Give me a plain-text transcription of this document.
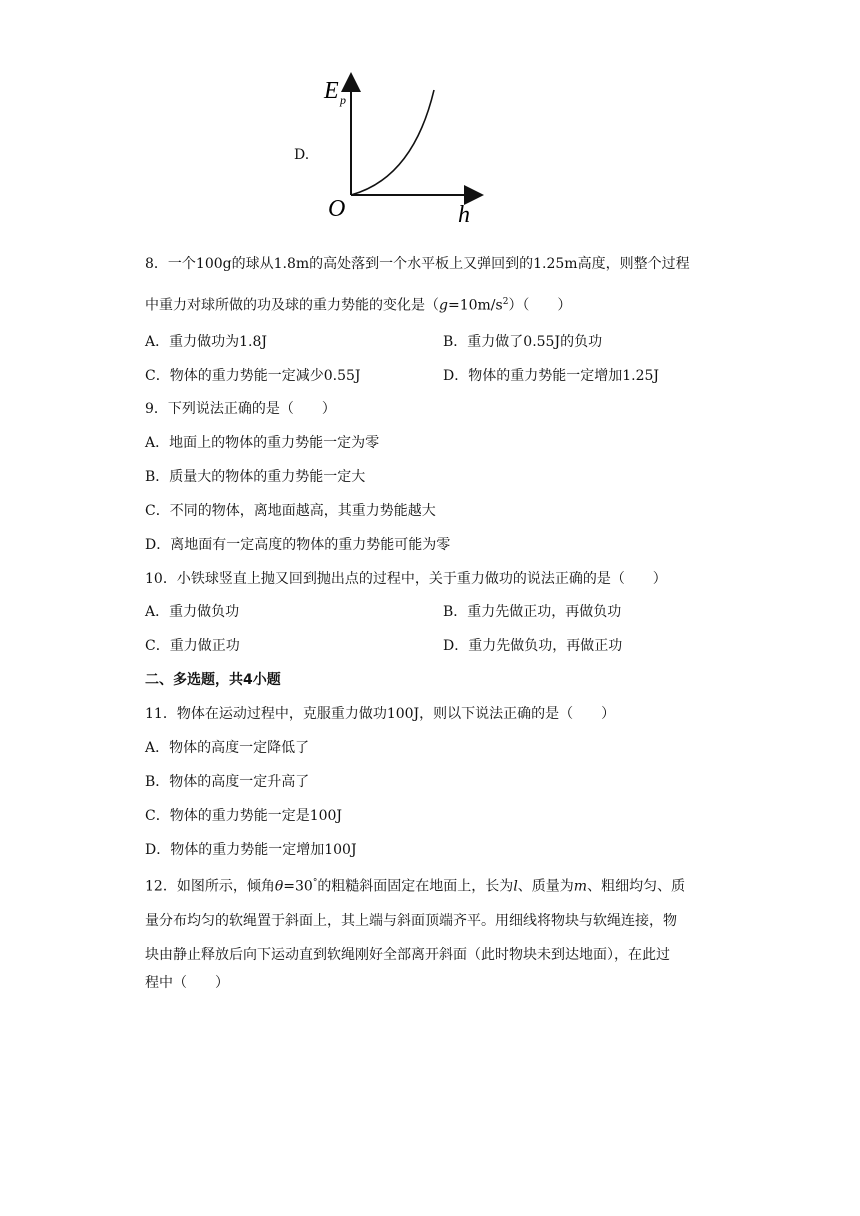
D.
E p
O	h
8．一个100g的球从1.8m的高处落到一个水平板上又弹回到的1.25m高度，则整个过程
中重力对球所做的功及球的重力势能的变化是$(g=10m/s^2)$（　　）
A．重力做功为1.8J	B．重力做了0.55J的负功
C．物体的重力势能一定减少0.55J	D．物体的重力势能一定增加1.25J
9．下列说法正确的是（　　）
A．地面上的物体的重力势能一定为零
B．质量大的物体的重力势能一定大
C．不同的物体，离地面越高，其重力势能越大
D．离地面有一定高度的物体的重力势能可能为零
10．小铁球竖直上抛又回到抛出点的过程中，关于重力做功的说法正确的是（　　）
A．重力做负功	B．重力先做正功，再做负功
C．重力做正功	D．重力先做负功，再做正功
二、多选题，共4小题
11．物体在运动过程中，克服重力做功100J，则以下说法正确的是（　　）
A．物体的高度一定降低了
B．物体的高度一定升高了
C．物体的重力势能一定是100J
D．物体的重力势能一定增加100J
12．如图所示，倾角θ=30°的粗糙斜面固定在地面上，长为l、质量为m、粗细均匀、质
量分布均匀的软绳置于斜面上，其上端与斜面顶端齐平。用细线将物块与软绳连接，物
块由静止释放后向下运动直到软绳刚好全部离开斜面（此时物块未到达地面），在此过
程中（　　）
